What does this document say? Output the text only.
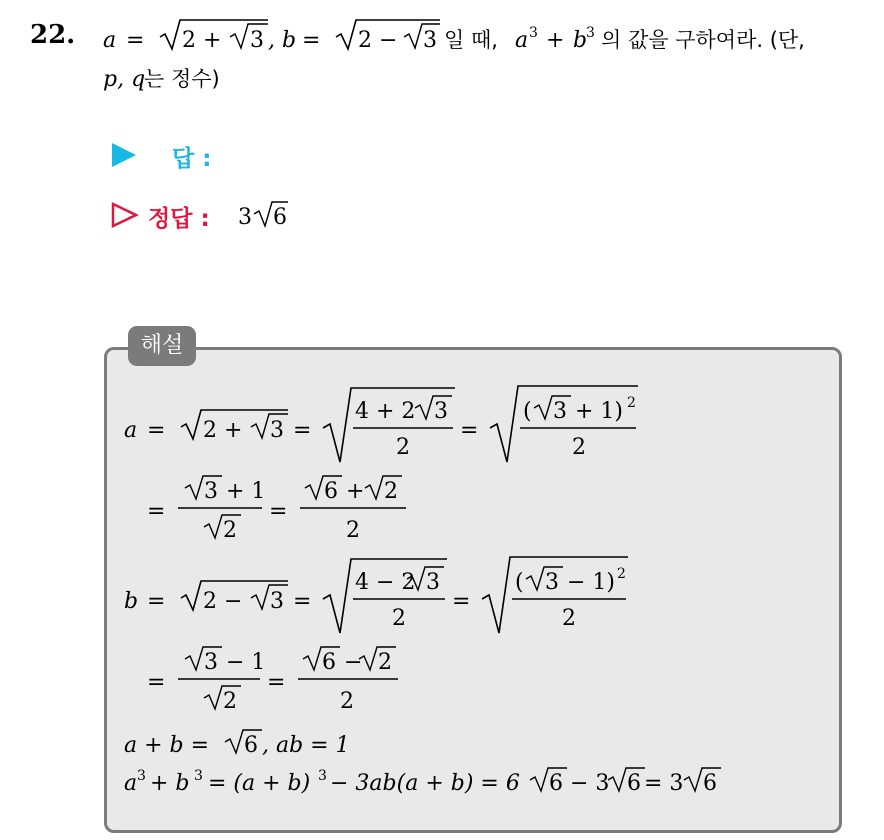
22. a = 2 + 3 , b = 2 − 3 일 때, a 3 + b
3 의 값을 구하여라. (단,
p, q
는 정수)
답 :
정답 : 3 6
해설
a = 2 + 3 =
4 + 2 3
2
=
( 3 + 1) 2
2
=
3 + 1
2
=
6 + 2
2
b = 2 − 3 =
4 − 2 3
2
=
( 3 − 1) 2
2
=
3 − 1
2
=
6 − 2
2
a + b = 6 , ab = 1
a 3 + b 3 = (a + b) 3 − 3ab(a + b) = 6 6 − 3 6 = 3 6
